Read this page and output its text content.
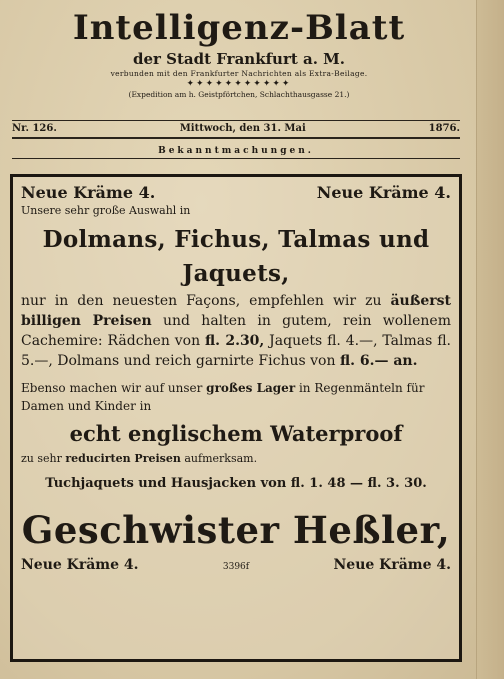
Intelligenz-Blatt
der Stadt Frankfurt a. M.
verbunden mit den Frankfurter Nachrichten als Extra-Beilage.
✦✦✦✦✦✦✦✦✦✦✦
(Expedition am h. Geistpförtchen, Schlachthausgasse 21.)
Nr. 126.	Mittwoch, den 31. Mai	1876.
Bekanntmachungen.
Neue Kräme 4.	Neue Kräme 4.
Unsere sehr große Auswahl in
Dolmans, Fichus, Talmas und Jaquets,
nur in den neuesten Façons, empfehlen wir zu äußerst billigen Preisen und halten in gutem, rein wollenem Cachemire: Rädchen von fl. 2.30, Jaquets fl. 4.—, Talmas fl. 5.—, Dolmans und reich garnirte Fichus von fl. 6.— an.
Ebenso machen wir auf unser großes Lager in Regenmänteln für Damen und Kinder in
echt englischem Waterproof
zu sehr reducirten Preisen aufmerksam.
Tuchjaquets und Hausjacken von fl. 1. 48 — fl. 3. 30.
Geschwister Heßler,
Neue Kräme 4.	3396f	Neue Kräme 4.
